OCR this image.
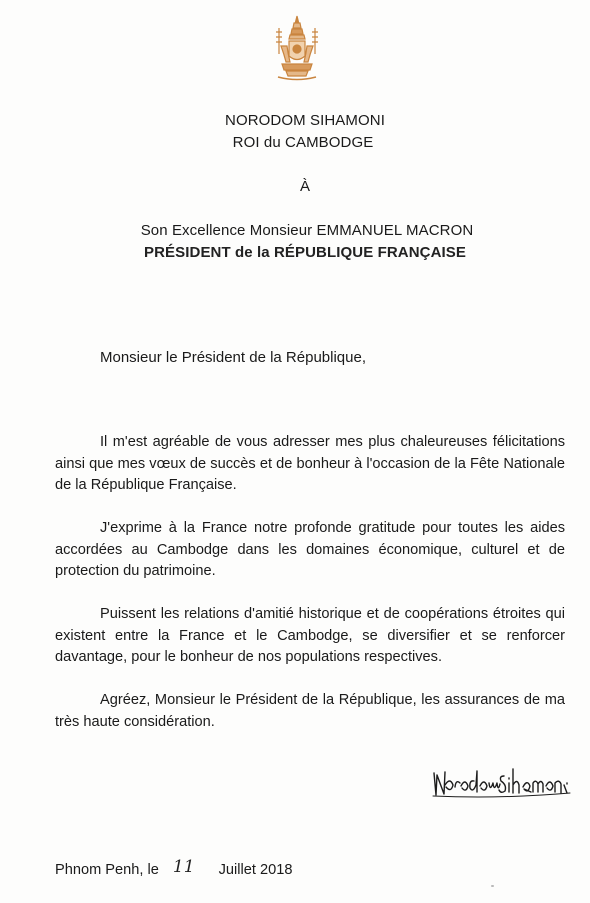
NORODOM SIHAMONI
ROI du CAMBODGE
À
Son Excellence Monsieur EMMANUEL MACRON
PRÉSIDENT de la RÉPUBLIQUE FRANÇAISE
Monsieur le Président de la République,
Il m'est agréable de vous adresser mes plus chaleureuses félicitations ainsi que mes vœux de succès et de bonheur à l'occasion de la Fête Nationale de la République Française.
J'exprime à la France notre profonde gratitude pour toutes les aides accordées au Cambodge dans les domaines économique, culturel et de protection du patrimoine.
Puissent les relations d'amitié historique et de coopérations étroites qui existent entre la France et le Cambodge, se diversifier et se renforcer davantage, pour le bonheur de nos populations respectives.
Agréez, Monsieur le Président de la République, les assurances de ma très haute considération.
Phnom Penh, le 11 Juillet 2018
